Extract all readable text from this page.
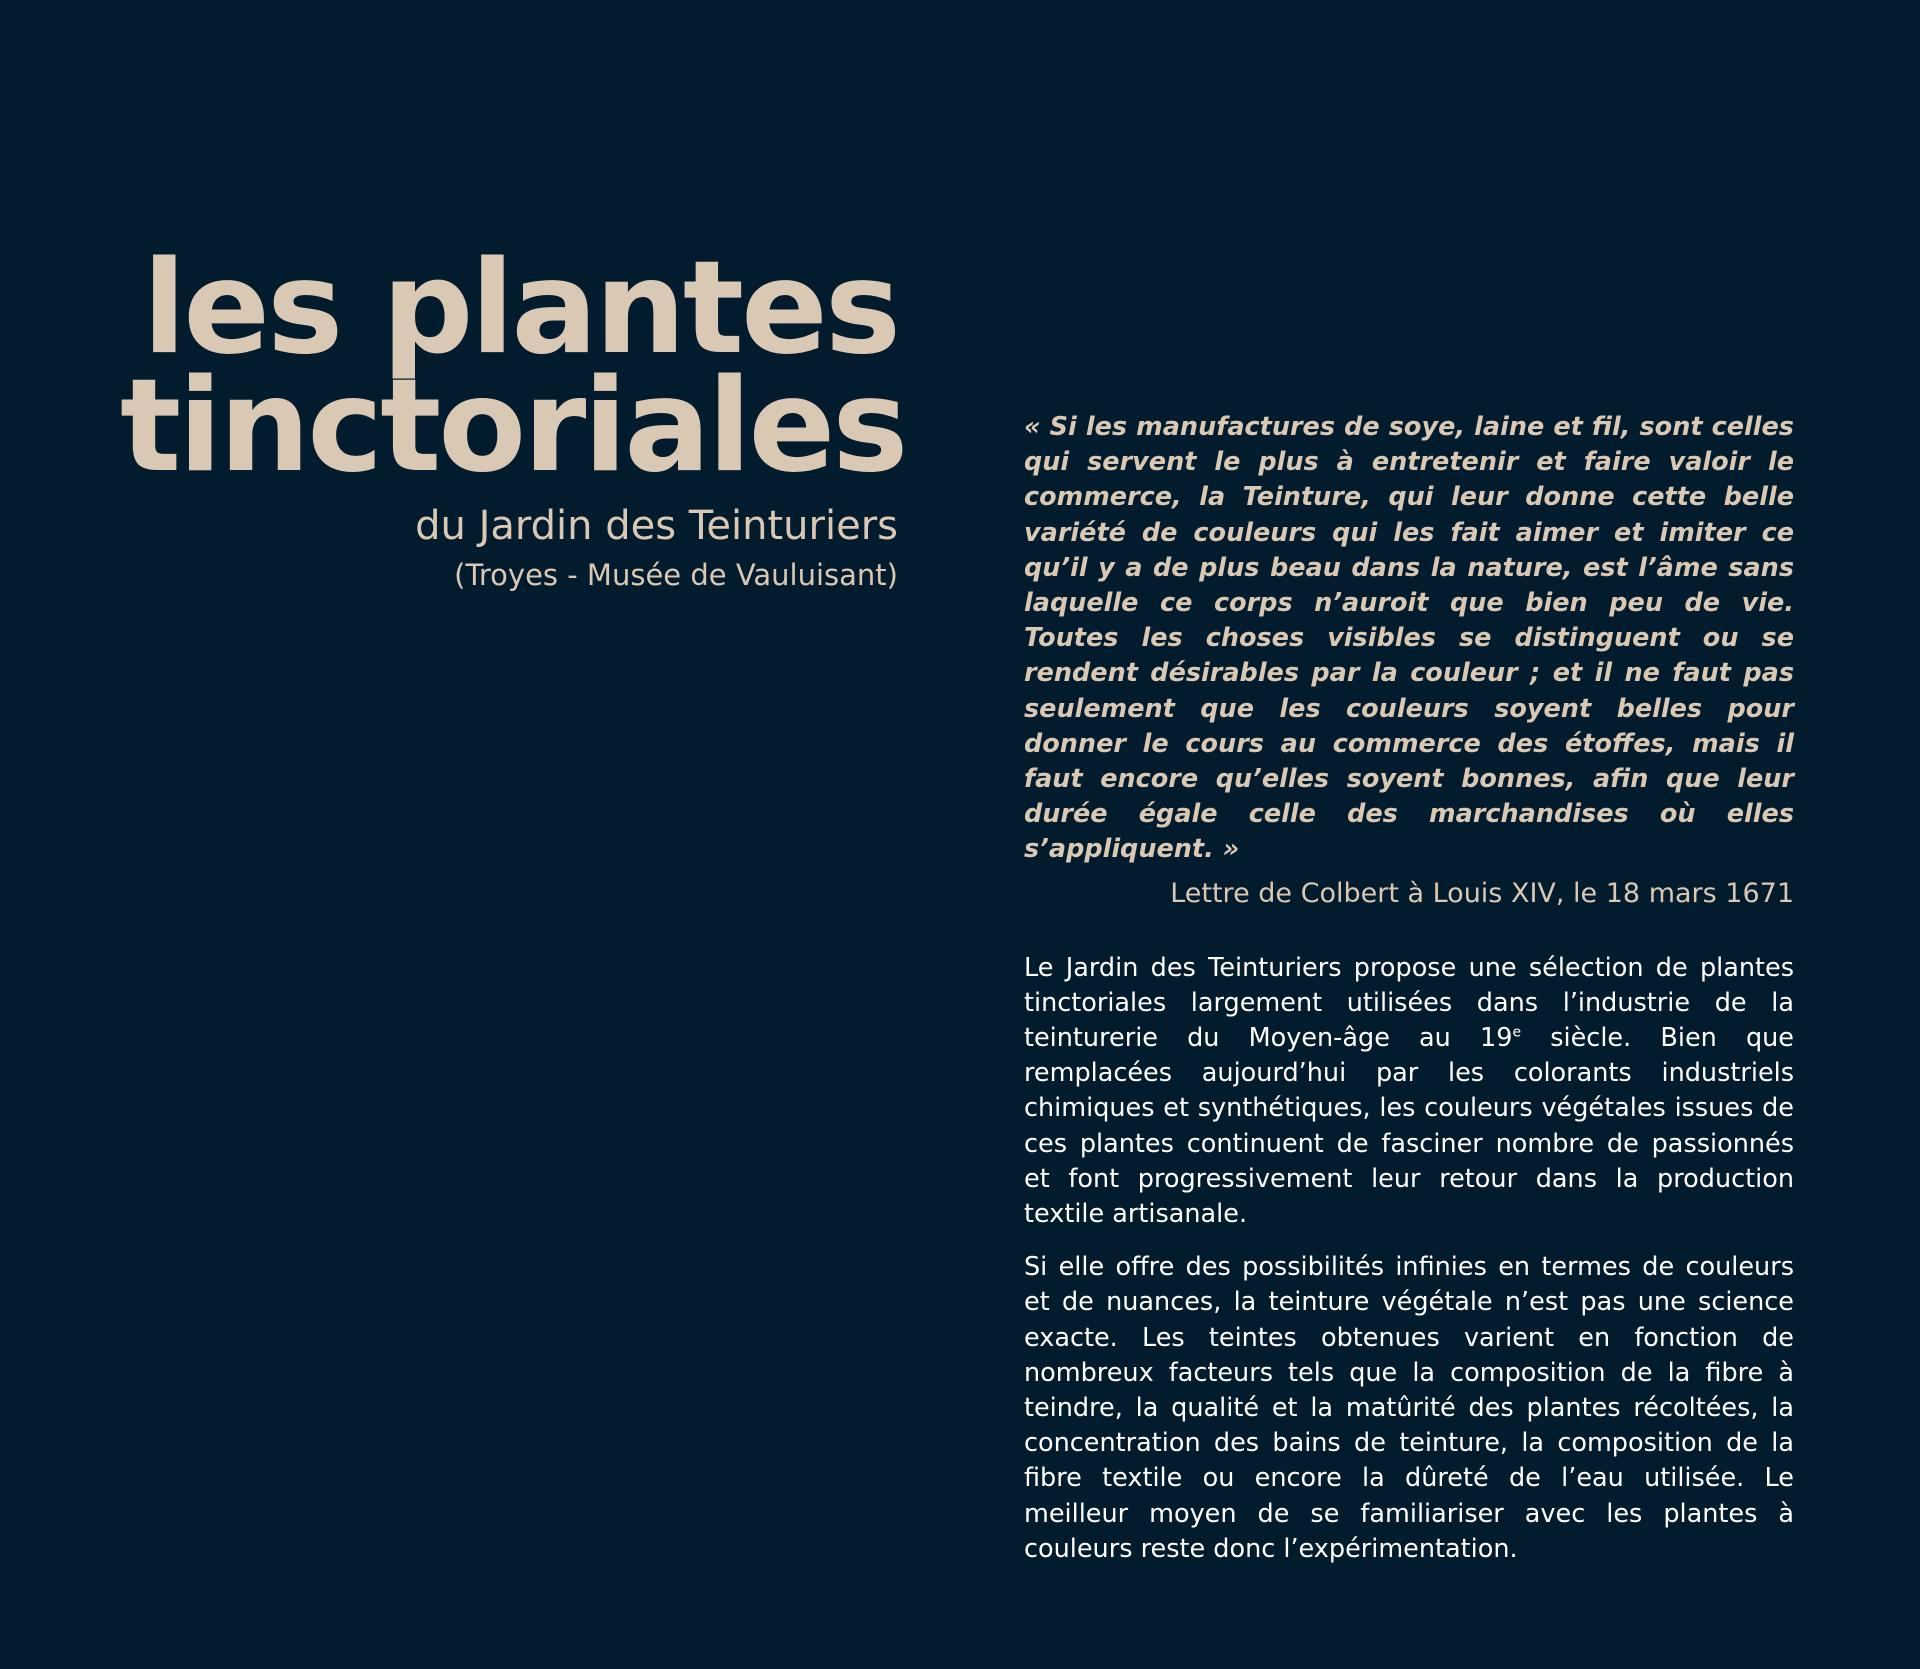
les plantes
tinctoriales
du Jardin des Teinturiers
(Troyes - Musée de Vauluisant)

« Si les manufactures de soye, laine et fil, sont celles qui servent le plus à entretenir et faire valoir le commerce, la Teinture, qui leur donne cette belle variété de couleurs qui les fait aimer et imiter ce qu’il y a de plus beau dans la nature, est l’âme sans laquelle ce corps n’auroit que bien peu de vie. Toutes les choses visibles se distinguent ou se rendent désirables par la couleur ; et il ne faut pas seulement que les couleurs soyent belles pour donner le cours au commerce des étoffes, mais il faut encore qu’elles soyent bonnes, afin que leur durée égale celle des marchandises où elles s’appliquent. »

Lettre de Colbert à Louis XIV, le 18 mars 1671

Le Jardin des Teinturiers propose une sélection de plantes tinctoriales largement utilisées dans l’industrie de la teinturerie du Moyen-âge au 19e siècle. Bien que remplacées aujourd’hui par les colorants industriels chimiques et synthétiques, les couleurs végétales issues de ces plantes continuent de fasciner nombre de passionnés et font progressivement leur retour dans la production textile artisanale.

Si elle offre des possibilités infinies en termes de couleurs et de nuances, la teinture végétale n’est pas une science exacte. Les teintes obtenues varient en fonction de nombreux facteurs tels que la composition de la fibre à teindre, la qualité et la matûrité des plantes récoltées, la concentration des bains de teinture, la composition de la fibre textile ou encore la dûreté de l’eau utilisée. Le meilleur moyen de se familiariser avec les plantes à couleurs reste donc l’expérimentation.
